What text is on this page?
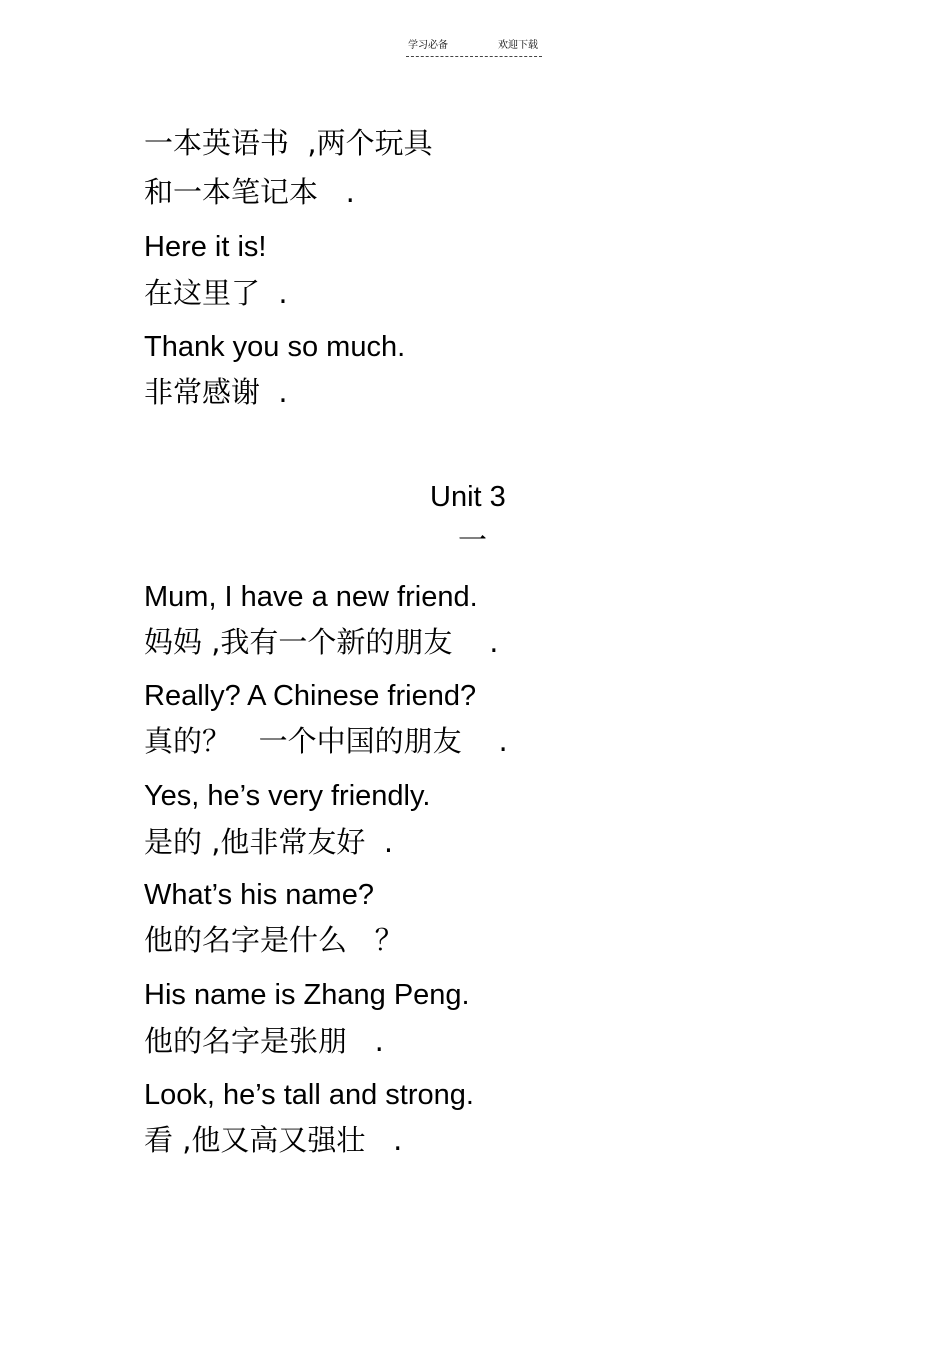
学习必备	欢迎下载
一本英语书  ,两个玩具
和一本笔记本   .
Here it is!
在这里了  .
Thank you so much.
非常感谢  .
Unit 3
一
Mum, I have a new friend.
妈妈 ,我有一个新的朋友    .
Really? A Chinese friend?
真的？   一个中国的朋友    .
Yes, he’s very friendly.
是的 ,他非常友好  .
What’s his name?
他的名字是什么   ？
His name is Zhang Peng.
他的名字是张朋   .
Look, he’s tall and strong.
看 ,他又高又强壮   .
